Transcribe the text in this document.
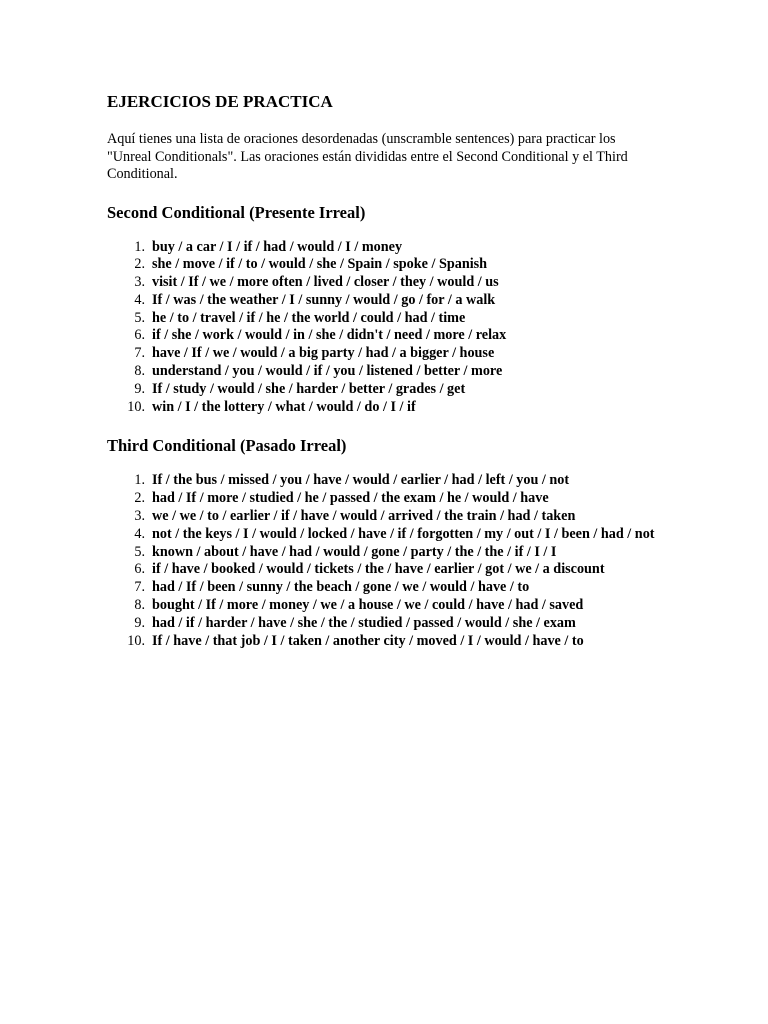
EJERCICIOS DE PRACTICA

Aquí tienes una lista de oraciones desordenadas (unscramble sentences) para practicar los "Unreal Conditionals". Las oraciones están divididas entre el Second Conditional y el Third Conditional.

Second Conditional (Presente Irreal)
1. buy / a car / I / if / had / would / I / money
2. she / move / if / to / would / she / Spain / spoke / Spanish
3. visit / If / we / more often / lived / closer / they / would / us
4. If / was / the weather / I / sunny / would / go / for / a walk
5. he / to / travel / if / he / the world / could / had / time
6. if / she / work / would / in / she / didn't / need / more / relax
7. have / If / we / would / a big party / had / a bigger / house
8. understand / you / would / if / you / listened / better / more
9. If / study / would / she / harder / better / grades / get
10. win / I / the lottery / what / would / do / I / if
Third Conditional (Pasado Irreal)
1. If / the bus / missed / you / have / would / earlier / had / left / you / not
2. had / If / more / studied / he / passed / the exam / he / would / have
3. we / we / to / earlier / if / have / would / arrived / the train / had / taken
4. not / the keys / I / would / locked / have / if / forgotten / my / out / I / been / had / not
5. known / about / have / had / would / gone / party / the / the / if / I / I
6. if / have / booked / would / tickets / the / have / earlier / got / we / a discount
7. had / If / been / sunny / the beach / gone / we / would / have / to
8. bought / If / more / money / we / a house / we / could / have / had / saved
9. had / if / harder / have / she / the / studied / passed / would / she / exam
10. If / have / that job / I / taken / another city / moved / I / would / have / to
